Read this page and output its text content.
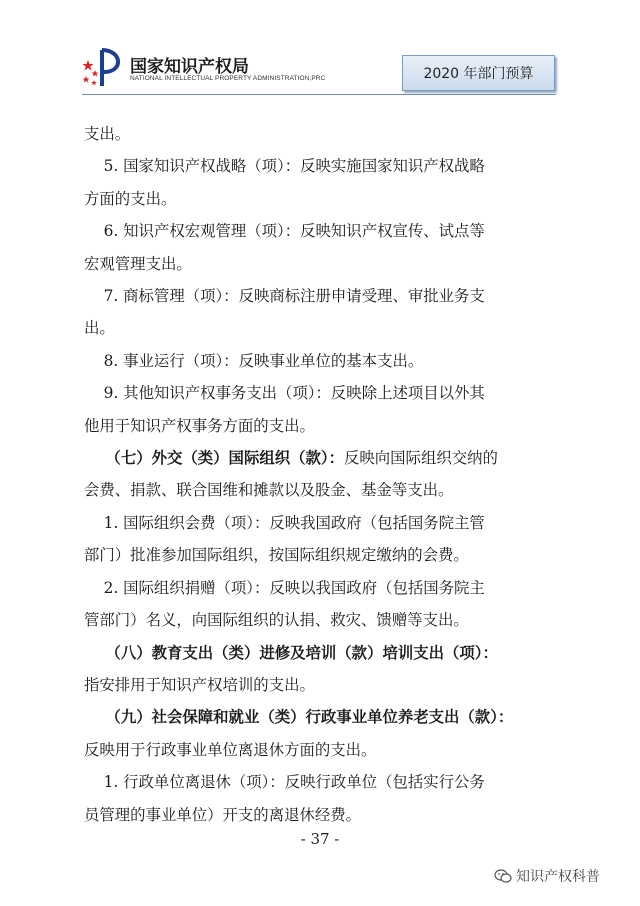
国家知识产权局
NATIONAL INTELLECTUAL PROPERTY ADMINISTRATION,PRC	2020 年部门预算

支出。

5. 国家知识产权战略（项）：反映实施国家知识产权战略

方面的支出。

6. 知识产权宏观管理（项）：反映知识产权宣传、试点等

宏观管理支出。

7. 商标管理（项）：反映商标注册申请受理、审批业务支

出。

8. 事业运行（项）：反映事业单位的基本支出。

9. 其他知识产权事务支出（项）：反映除上述项目以外其

他用于知识产权事务方面的支出。

（七）外交（类）国际组织（款）：反映向国际组织交纳的

会费、捐款、联合国维和摊款以及股金、基金等支出。

1. 国际组织会费（项）：反映我国政府（包括国务院主管

部门）批准参加国际组织，按国际组织规定缴纳的会费。

2. 国际组织捐赠（项）：反映以我国政府（包括国务院主

管部门）名义，向国际组织的认捐、救灾、馈赠等支出。

（八）教育支出（类）进修及培训（款）培训支出（项）：

指安排用于知识产权培训的支出。

（九）社会保障和就业（类）行政事业单位养老支出（款）：

反映用于行政事业单位离退休方面的支出。

1. 行政单位离退休（项）：反映行政单位（包括实行公务

员管理的事业单位）开支的离退休经费。

- 37 -
知识产权科普
